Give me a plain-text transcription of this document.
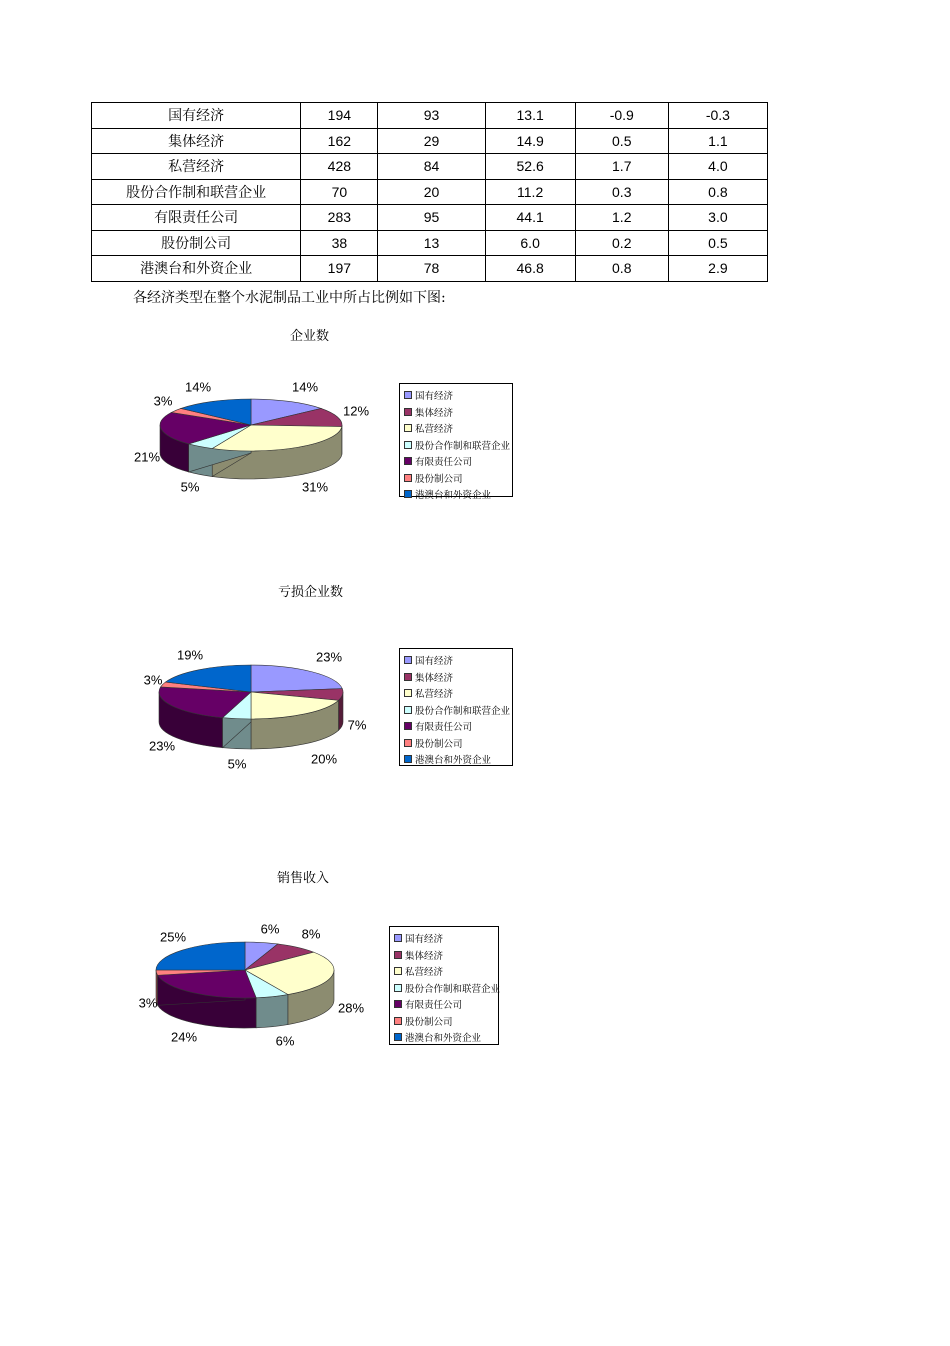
国有经济	194	93	13.1	-0.9	-0.3
集体经济	162	29	14.9	0.5	1.1
私营经济	428	84	52.6	1.7	4.0
股份合作制和联营企业	70	20	11.2	0.3	0.8
有限责任公司	283	95	44.1	1.2	3.0
股份制公司	38	13	6.0	0.2	0.5
港澳台和外资企业	197	78	46.8	0.8	2.9
各经济类型在整个水泥制品工业中所占比例如下图:
企业数
亏损企业数
销售收入
14%
12%
31%
5%
21%
3%
14%
23%
7%
20%
5%
23%
3%
19%
6% 8%
28%
6%
24%
3%
25%
国有经济
集体经济
私营经济
股份合作制和联营企业
有限责任公司
股份制公司
港澳台和外资企业
国有经济
集体经济
私营经济
股份合作制和联营企业
有限责任公司
股份制公司
港澳台和外资企业
国有经济
集体经济
私营经济
股份合作制和联营企业
有限责任公司
股份制公司
港澳台和外资企业
